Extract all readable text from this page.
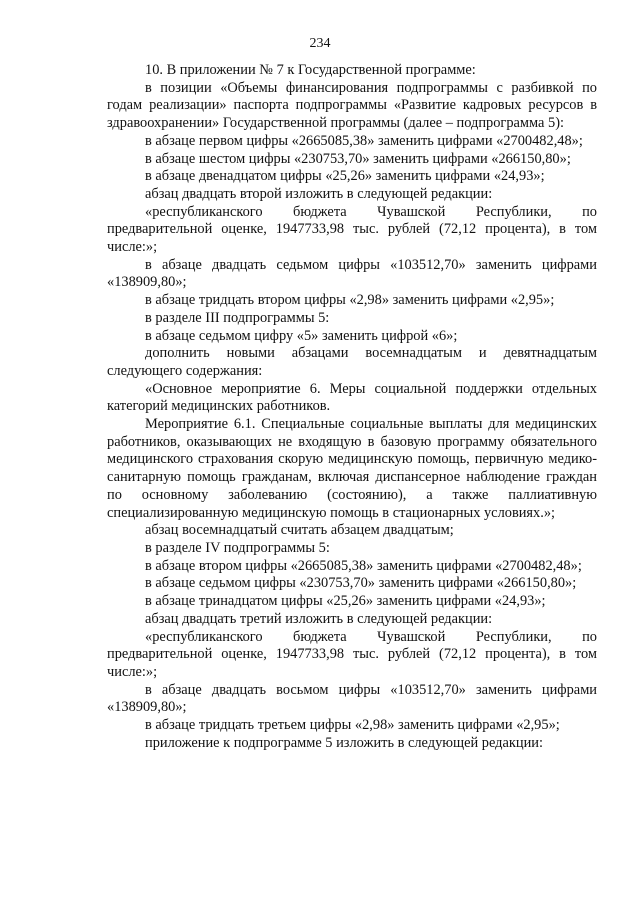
234

10. В приложении № 7 к Государственной программе:

в позиции «Объемы финансирования подпрограммы с разбивкой по годам реализации» паспорта подпрограммы «Развитие кадровых ресурсов в здравоохранении» Государственной программы (далее – подпрограмма 5):

в абзаце первом цифры «2665085,38» заменить цифрами «2700482,48»;

в абзаце шестом цифры «230753,70» заменить цифрами «266150,80»;

в абзаце двенадцатом цифры «25,26» заменить цифрами «24,93»;

абзац двадцать второй изложить в следующей редакции:

«республиканского бюджета Чувашской Республики, по предварительной оценке, 1947733,98 тыс. рублей (72,12 процента), в том числе:»;

в абзаце двадцать седьмом цифры «103512,70» заменить цифрами «138909,80»;

в абзаце тридцать втором цифры «2,98» заменить цифрами «2,95»;

в разделе III подпрограммы 5:

в абзаце седьмом цифру «5» заменить цифрой «6»;

дополнить новыми абзацами восемнадцатым и девятнадцатым следующего содержания:

«Основное мероприятие 6. Меры социальной поддержки отдельных категорий медицинских работников.

Мероприятие 6.1. Специальные социальные выплаты для медицинских работников, оказывающих не входящую в базовую программу обязательного медицинского страхования скорую медицинскую помощь, первичную медико-санитарную помощь гражданам, включая диспансерное наблюдение граждан по основному заболеванию (состоянию), а также паллиативную специализированную медицинскую помощь в стационарных условиях.»;

абзац восемнадцатый считать абзацем двадцатым;

в разделе IV подпрограммы 5:

в абзаце втором цифры «2665085,38» заменить цифрами «2700482,48»;

в абзаце седьмом цифры «230753,70» заменить цифрами «266150,80»;

в абзаце тринадцатом цифры «25,26» заменить цифрами «24,93»;

абзац двадцать третий изложить в следующей редакции:

«республиканского бюджета Чувашской Республики, по предварительной оценке, 1947733,98 тыс. рублей (72,12 процента), в том числе:»;

в абзаце двадцать восьмом цифры «103512,70» заменить цифрами «138909,80»;

в абзаце тридцать третьем цифры «2,98» заменить цифрами «2,95»;

приложение к подпрограмме 5 изложить в следующей редакции:
